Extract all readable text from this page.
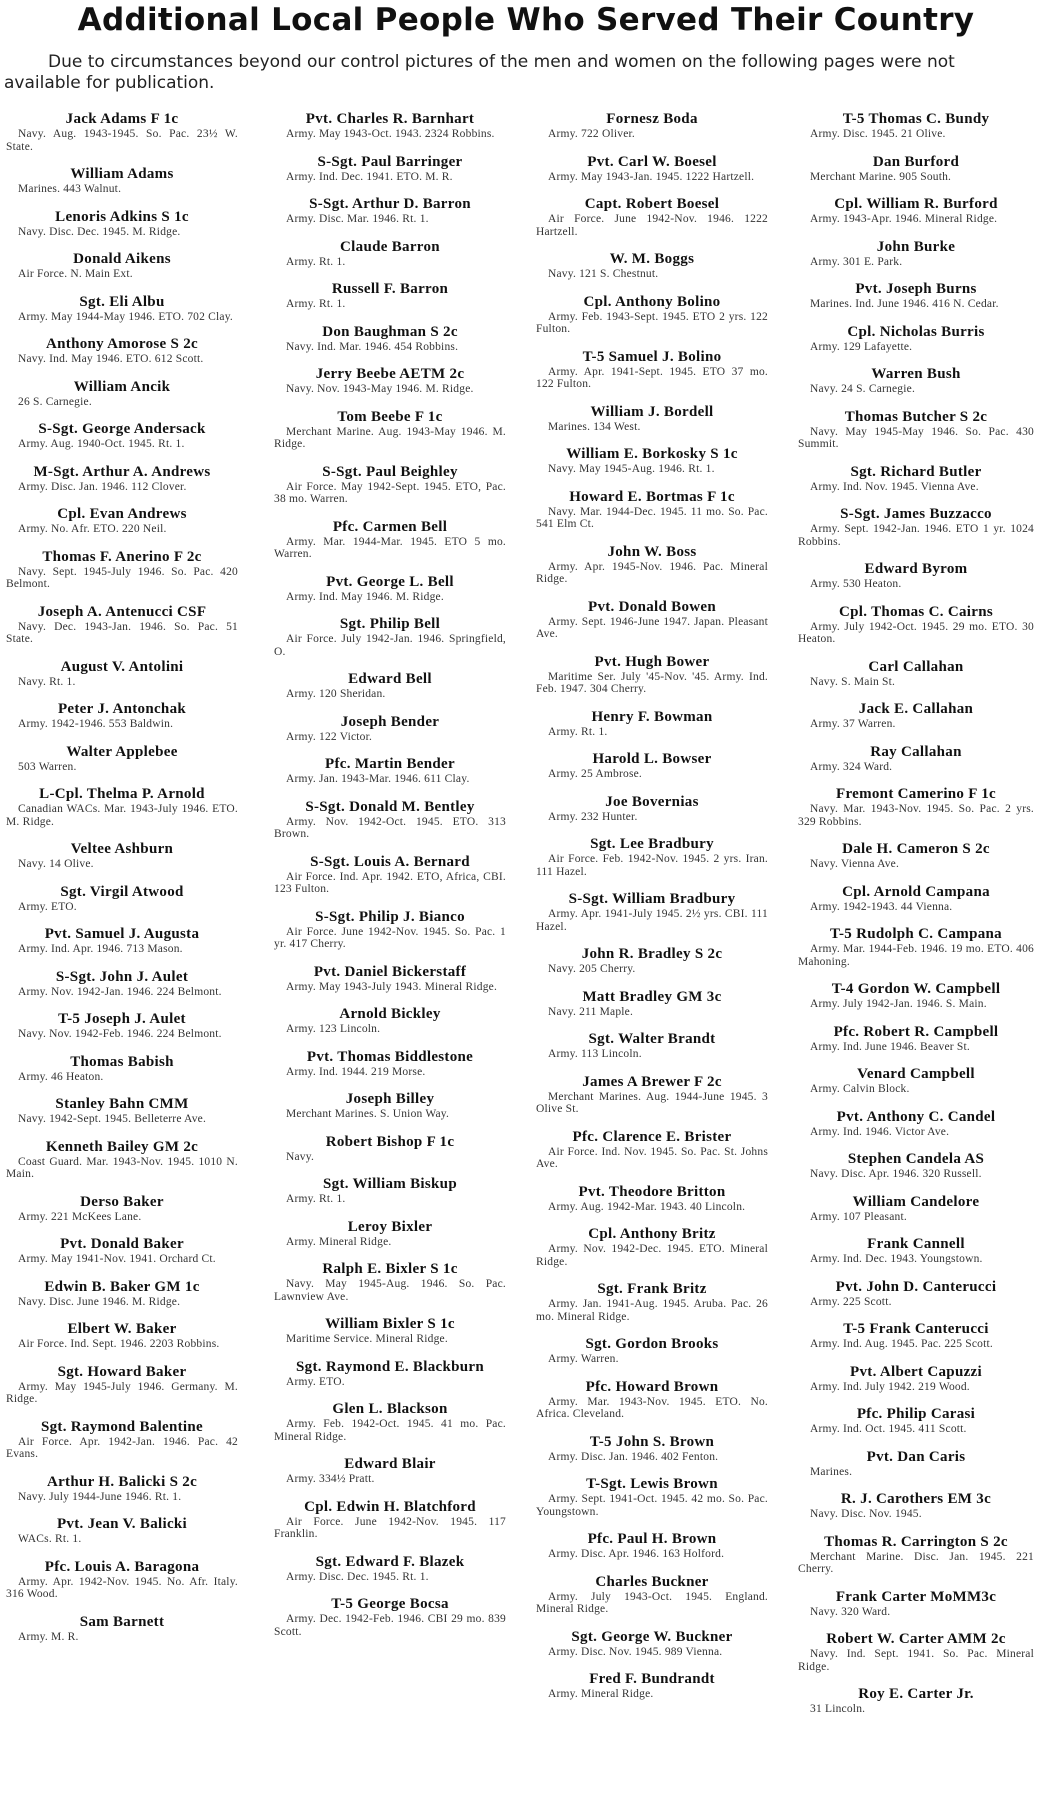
Additional Local People Who Served Their Country
Due to circumstances beyond our control pictures of the men and women on the following pages were not available for publication.
Jack Adams F 1c
Navy. Aug. 1943-1945. So. Pac. 23½ W. State.
William Adams
Marines. 443 Walnut.
Lenoris Adkins S 1c
Navy. Disc. Dec. 1945. M. Ridge.
Donald Aikens
Air Force. N. Main Ext.
Sgt. Eli Albu
Army. May 1944-May 1946. ETO. 702 Clay.
Anthony Amorose S 2c
Navy. Ind. May 1946. ETO. 612 Scott.
William Ancik
26 S. Carnegie.
S-Sgt. George Andersack
Army. Aug. 1940-Oct. 1945. Rt. 1.
M-Sgt. Arthur A. Andrews
Army. Disc. Jan. 1946. 112 Clover.
Cpl. Evan Andrews
Army. No. Afr. ETO. 220 Neil.
Thomas F. Anerino F 2c
Navy. Sept. 1945-July 1946. So. Pac. 420 Belmont.
Joseph A. Antenucci CSF
Navy. Dec. 1943-Jan. 1946. So. Pac. 51 State.
August V. Antolini
Navy. Rt. 1.
Peter J. Antonchak
Army. 1942-1946. 553 Baldwin.
Walter Applebee
503 Warren.
L-Cpl. Thelma P. Arnold
Canadian WACs. Mar. 1943-July 1946. ETO. M. Ridge.
Veltee Ashburn
Navy. 14 Olive.
Sgt. Virgil Atwood
Army. ETO.
Pvt. Samuel J. Augusta
Army. Ind. Apr. 1946. 713 Mason.
S-Sgt. John J. Aulet
Army. Nov. 1942-Jan. 1946. 224 Belmont.
T-5 Joseph J. Aulet
Navy. Nov. 1942-Feb. 1946. 224 Belmont.
Thomas Babish
Army. 46 Heaton.
Stanley Bahn CMM
Navy. 1942-Sept. 1945. Belleterre Ave.
Kenneth Bailey GM 2c
Coast Guard. Mar. 1943-Nov. 1945. 1010 N. Main.
Derso Baker
Army. 221 McKees Lane.
Pvt. Donald Baker
Army. May 1941-Nov. 1941. Orchard Ct.
Edwin B. Baker GM 1c
Navy. Disc. June 1946. M. Ridge.
Elbert W. Baker
Air Force. Ind. Sept. 1946. 2203 Robbins.
Sgt. Howard Baker
Army. May 1945-July 1946. Germany. M. Ridge.
Sgt. Raymond Balentine
Air Force. Apr. 1942-Jan. 1946. Pac. 42 Evans.
Arthur H. Balicki S 2c
Navy. July 1944-June 1946. Rt. 1.
Pvt. Jean V. Balicki
WACs. Rt. 1.
Pfc. Louis A. Baragona
Army. Apr. 1942-Nov. 1945. No. Afr. Italy. 316 Wood.
Sam Barnett
Army. M. R.
Pvt. Charles R. Barnhart
Army. May 1943-Oct. 1943. 2324 Robbins.
S-Sgt. Paul Barringer
Army. Ind. Dec. 1941. ETO. M. R.
S-Sgt. Arthur D. Barron
Army. Disc. Mar. 1946. Rt. 1.
Claude Barron
Army. Rt. 1.
Russell F. Barron
Army. Rt. 1.
Don Baughman S 2c
Navy. Ind. Mar. 1946. 454 Robbins.
Jerry Beebe AETM 2c
Navy. Nov. 1943-May 1946. M. Ridge.
Tom Beebe F 1c
Merchant Marine. Aug. 1943-May 1946. M. Ridge.
S-Sgt. Paul Beighley
Air Force. May 1942-Sept. 1945. ETO, Pac. 38 mo. Warren.
Pfc. Carmen Bell
Army. Mar. 1944-Mar. 1945. ETO 5 mo. Warren.
Pvt. George L. Bell
Army. Ind. May 1946. M. Ridge.
Sgt. Philip Bell
Air Force. July 1942-Jan. 1946. Springfield, O.
Edward Bell
Army. 120 Sheridan.
Joseph Bender
Army. 122 Victor.
Pfc. Martin Bender
Army. Jan. 1943-Mar. 1946. 611 Clay.
S-Sgt. Donald M. Bentley
Army. Nov. 1942-Oct. 1945. ETO. 313 Brown.
S-Sgt. Louis A. Bernard
Air Force. Ind. Apr. 1942. ETO, Africa, CBI. 123 Fulton.
S-Sgt. Philip J. Bianco
Air Force. June 1942-Nov. 1945. So. Pac. 1 yr. 417 Cherry.
Pvt. Daniel Bickerstaff
Army. May 1943-July 1943. Mineral Ridge.
Arnold Bickley
Army. 123 Lincoln.
Pvt. Thomas Biddlestone
Army. Ind. 1944. 219 Morse.
Joseph Billey
Merchant Marines. S. Union Way.
Robert Bishop F 1c
Navy.
Sgt. William Biskup
Army. Rt. 1.
Leroy Bixler
Army. Mineral Ridge.
Ralph E. Bixler S 1c
Navy. May 1945-Aug. 1946. So. Pac. Lawnview Ave.
William Bixler S 1c
Maritime Service. Mineral Ridge.
Sgt. Raymond E. Blackburn
Army. ETO.
Glen L. Blackson
Army. Feb. 1942-Oct. 1945. 41 mo. Pac. Mineral Ridge.
Edward Blair
Army. 334½ Pratt.
Cpl. Edwin H. Blatchford
Air Force. June 1942-Nov. 1945. 117 Franklin.
Sgt. Edward F. Blazek
Army. Disc. Dec. 1945. Rt. 1.
T-5 George Bocsa
Army. Dec. 1942-Feb. 1946. CBI 29 mo. 839 Scott.
Fornesz Boda
Army. 722 Oliver.
Pvt. Carl W. Boesel
Army. May 1943-Jan. 1945. 1222 Hartzell.
Capt. Robert Boesel
Air Force. June 1942-Nov. 1946. 1222 Hartzell.
W. M. Boggs
Navy. 121 S. Chestnut.
Cpl. Anthony Bolino
Army. Feb. 1943-Sept. 1945. ETO 2 yrs. 122 Fulton.
T-5 Samuel J. Bolino
Army. Apr. 1941-Sept. 1945. ETO 37 mo. 122 Fulton.
William J. Bordell
Marines. 134 West.
William E. Borkosky S 1c
Navy. May 1945-Aug. 1946. Rt. 1.
Howard E. Bortmas F 1c
Navy. Mar. 1944-Dec. 1945. 11 mo. So. Pac. 541 Elm Ct.
John W. Boss
Army. Apr. 1945-Nov. 1946. Pac. Mineral Ridge.
Pvt. Donald Bowen
Army. Sept. 1946-June 1947. Japan. Pleasant Ave.
Pvt. Hugh Bower
Maritime Ser. July '45-Nov. '45. Army. Ind. Feb. 1947. 304 Cherry.
Henry F. Bowman
Army. Rt. 1.
Harold L. Bowser
Army. 25 Ambrose.
Joe Bovernias
Army. 232 Hunter.
Sgt. Lee Bradbury
Air Force. Feb. 1942-Nov. 1945. 2 yrs. Iran. 111 Hazel.
S-Sgt. William Bradbury
Army. Apr. 1941-July 1945. 2½ yrs. CBI. 111 Hazel.
John R. Bradley S 2c
Navy. 205 Cherry.
Matt Bradley GM 3c
Navy. 211 Maple.
Sgt. Walter Brandt
Army. 113 Lincoln.
James A Brewer F 2c
Merchant Marines. Aug. 1944-June 1945. 3 Olive St.
Pfc. Clarence E. Brister
Air Force. Ind. Nov. 1945. So. Pac. St. Johns Ave.
Pvt. Theodore Britton
Army. Aug. 1942-Mar. 1943. 40 Lincoln.
Cpl. Anthony Britz
Army. Nov. 1942-Dec. 1945. ETO. Mineral Ridge.
Sgt. Frank Britz
Army. Jan. 1941-Aug. 1945. Aruba. Pac. 26 mo. Mineral Ridge.
Sgt. Gordon Brooks
Army. Warren.
Pfc. Howard Brown
Army. Mar. 1943-Nov. 1945. ETO. No. Africa. Cleveland.
T-5 John S. Brown
Army. Disc. Jan. 1946. 402 Fenton.
T-Sgt. Lewis Brown
Army. Sept. 1941-Oct. 1945. 42 mo. So. Pac. Youngstown.
Pfc. Paul H. Brown
Army. Disc. Apr. 1946. 163 Holford.
Charles Buckner
Army. July 1943-Oct. 1945. England. Mineral Ridge.
Sgt. George W. Buckner
Army. Disc. Nov. 1945. 989 Vienna.
Fred F. Bundrandt
Army. Mineral Ridge.
T-5 Thomas C. Bundy
Army. Disc. 1945. 21 Olive.
Dan Burford
Merchant Marine. 905 South.
Cpl. William R. Burford
Army. 1943-Apr. 1946. Mineral Ridge.
John Burke
Army. 301 E. Park.
Pvt. Joseph Burns
Marines. Ind. June 1946. 416 N. Cedar.
Cpl. Nicholas Burris
Army. 129 Lafayette.
Warren Bush
Navy. 24 S. Carnegie.
Thomas Butcher S 2c
Navy. May 1945-May 1946. So. Pac. 430 Summit.
Sgt. Richard Butler
Army. Ind. Nov. 1945. Vienna Ave.
S-Sgt. James Buzzacco
Army. Sept. 1942-Jan. 1946. ETO 1 yr. 1024 Robbins.
Edward Byrom
Army. 530 Heaton.
Cpl. Thomas C. Cairns
Army. July 1942-Oct. 1945. 29 mo. ETO. 30 Heaton.
Carl Callahan
Navy. S. Main St.
Jack E. Callahan
Army. 37 Warren.
Ray Callahan
Army. 324 Ward.
Fremont Camerino F 1c
Navy. Mar. 1943-Nov. 1945. So. Pac. 2 yrs. 329 Robbins.
Dale H. Cameron S 2c
Navy. Vienna Ave.
Cpl. Arnold Campana
Army. 1942-1943. 44 Vienna.
T-5 Rudolph C. Campana
Army. Mar. 1944-Feb. 1946. 19 mo. ETO. 406 Mahoning.
T-4 Gordon W. Campbell
Army. July 1942-Jan. 1946. S. Main.
Pfc. Robert R. Campbell
Army. Ind. June 1946. Beaver St.
Venard Campbell
Army. Calvin Block.
Pvt. Anthony C. Candel
Army. Ind. 1946. Victor Ave.
Stephen Candela AS
Navy. Disc. Apr. 1946. 320 Russell.
William Candelore
Army. 107 Pleasant.
Frank Cannell
Army. Ind. Dec. 1943. Youngstown.
Pvt. John D. Canterucci
Army. 225 Scott.
T-5 Frank Canterucci
Army. Ind. Aug. 1945. Pac. 225 Scott.
Pvt. Albert Capuzzi
Army. Ind. July 1942. 219 Wood.
Pfc. Philip Carasi
Army. Ind. Oct. 1945. 411 Scott.
Pvt. Dan Caris
Marines.
R. J. Carothers EM 3c
Navy. Disc. Nov. 1945.
Thomas R. Carrington S 2c
Merchant Marine. Disc. Jan. 1945. 221 Cherry.
Frank Carter MoMM3c
Navy. 320 Ward.
Robert W. Carter AMM 2c
Navy. Ind. Sept. 1941. So. Pac. Mineral Ridge.
Roy E. Carter Jr.
31 Lincoln.
